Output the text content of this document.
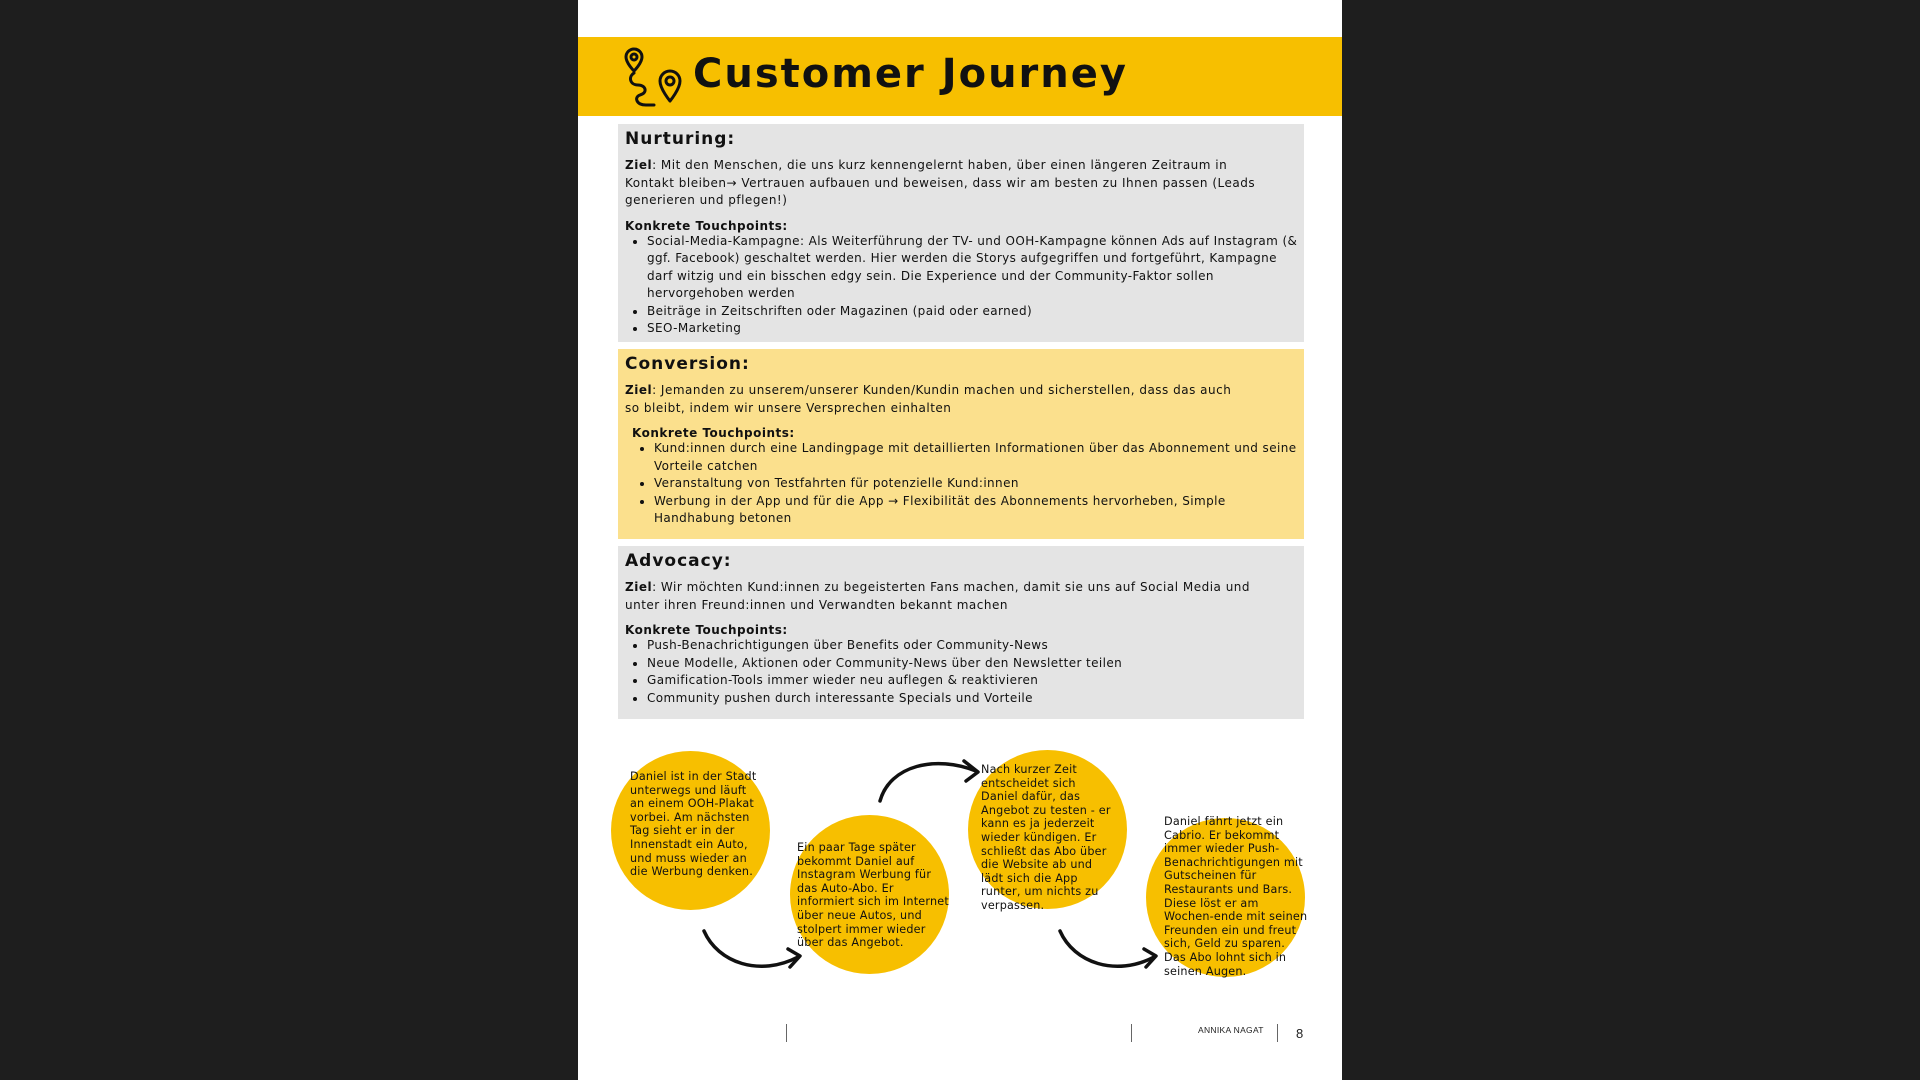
Customer Journey
Nurturing:

Ziel: Mit den Menschen, die uns kurz kennengelernt haben, über einen längeren Zeitraum in Kontakt bleiben→ Vertrauen aufbauen und beweisen, dass wir am besten zu Ihnen passen (Leads generieren und pflegen!)

Konkrete Touchpoints:

• Social-Media-Kampagne: Als Weiterführung der TV- und OOH-Kampagne können Ads auf Instagram (& ggf. Facebook) geschaltet werden. Hier werden die Storys aufgegriffen und fortgeführt, Kampagne darf witzig und ein bisschen edgy sein. Die Experience und der Community-Faktor sollen hervorgehoben werden
• Beiträge in Zeitschriften oder Magazinen (paid oder earned)
• SEO-Marketing
Conversion:

Ziel: Jemanden zu unserem/unserer Kunden/Kundin machen und sicherstellen, dass das auch so bleibt, indem wir unsere Versprechen einhalten

Konkrete Touchpoints:

• Kund:innen durch eine Landingpage mit detaillierten Informationen über das Abonnement und seine Vorteile catchen
• Veranstaltung von Testfahrten für potenzielle Kund:innen
• Werbung in der App und für die App → Flexibilität des Abonnements hervorheben, Simple Handhabung betonen
Advocacy:

Ziel: Wir möchten Kund:innen zu begeisterten Fans machen, damit sie uns auf Social Media und unter ihren Freund:innen und Verwandten bekannt machen

Konkrete Touchpoints:

• Push-Benachrichtigungen über Benefits oder Community-News
• Neue Modelle, Aktionen oder Community-News über den Newsletter teilen
• Gamification-Tools immer wieder neu auflegen & reaktivieren
• Community pushen durch interessante Specials und Vorteile
Daniel ist in der Stadt unterwegs und läuft an einem OOH-Plakat vorbei. Am nächsten Tag sieht er in der Innenstadt ein Auto, und muss wieder an die Werbung denken.
Ein paar Tage später bekommt Daniel auf Instagram Werbung für das Auto-Abo. Er informiert sich im Internet über neue Autos, und stolpert immer wieder über das Angebot.
Nach kurzer Zeit entscheidet sich Daniel dafür, das Angebot zu testen - er kann es ja jederzeit wieder kündigen. Er schließt das Abo über die Website ab und lädt sich die App runter, um nichts zu verpassen.
Daniel fährt jetzt ein Cabrio. Er bekommt immer wieder Push-Benachrichtigungen mit Gutscheinen für Restaurants und Bars. Diese löst er am Wochen-ende mit seinen Freunden ein und freut sich, Geld zu sparen. Das Abo lohnt sich in seinen Augen.
ANNIKA NAGAT 8
